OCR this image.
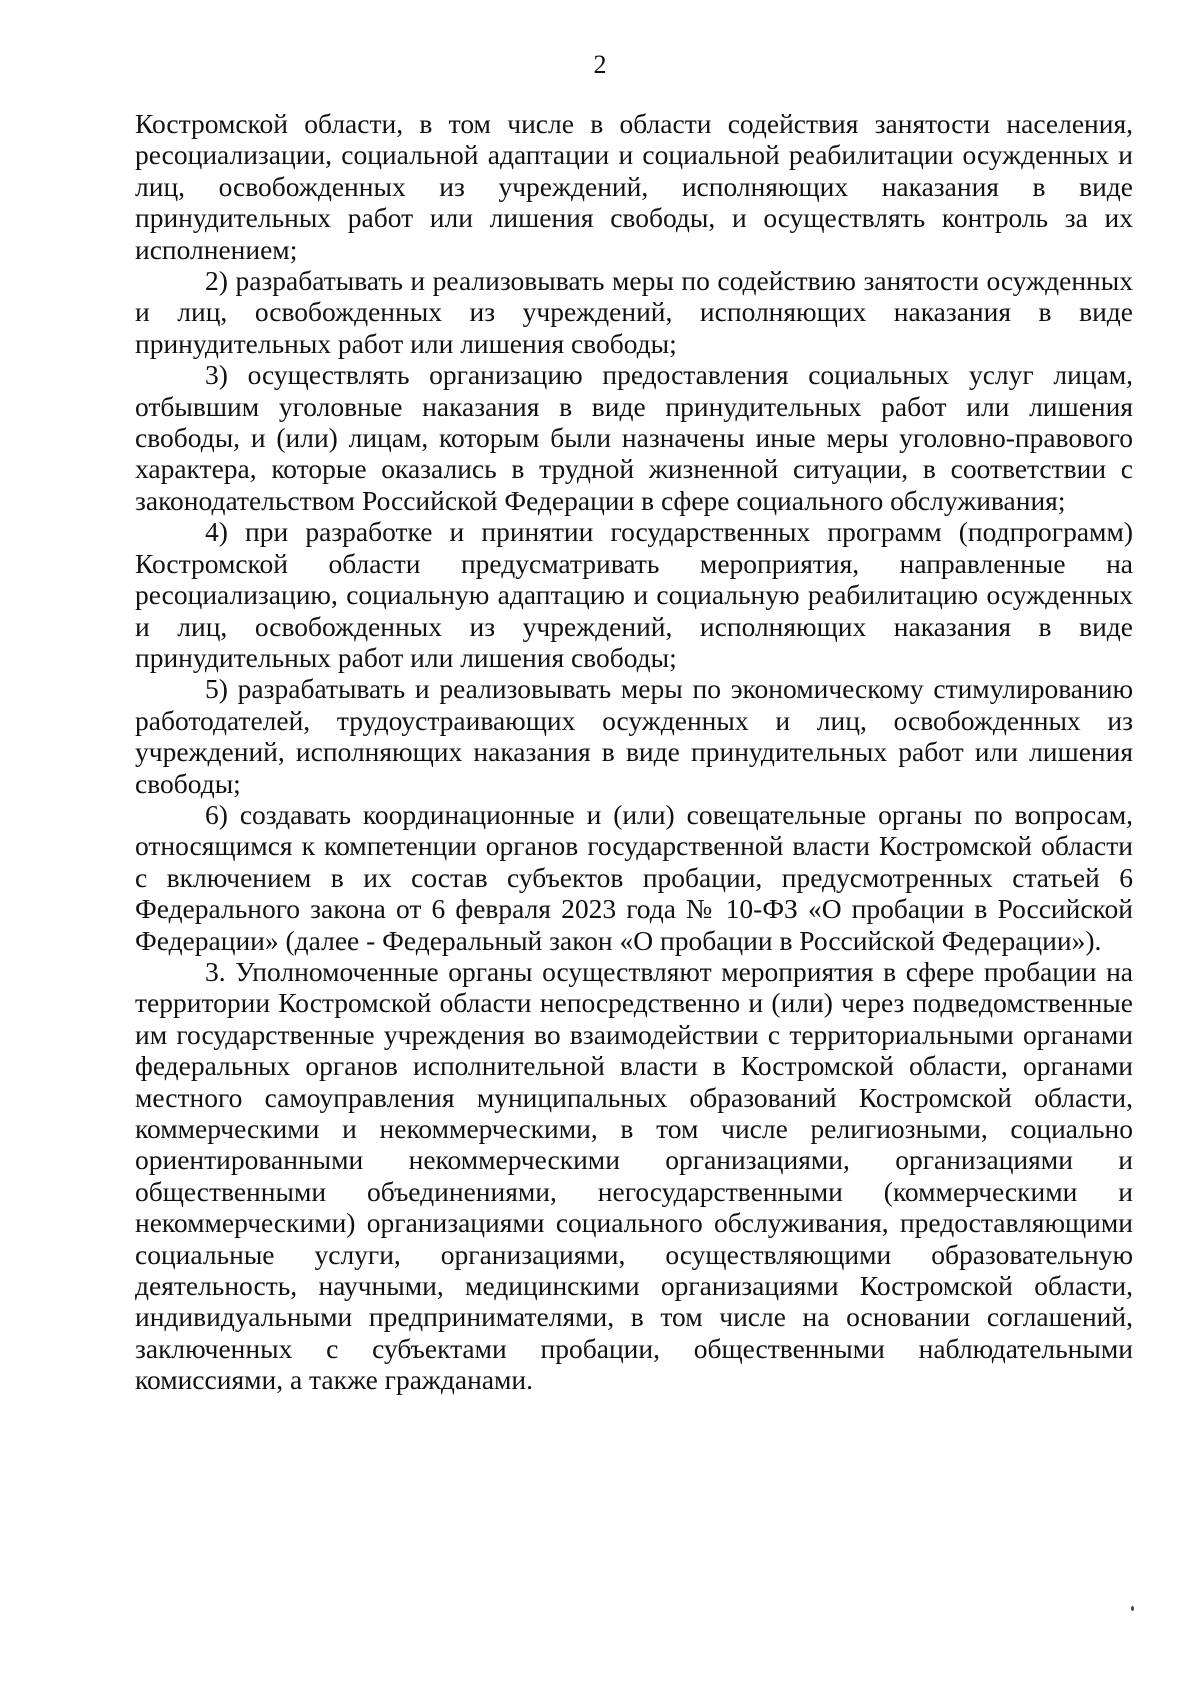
2

Костромской области, в том числе в области содействия занятости населения, ресоциализации, социальной адаптации и социальной реабилитации осужденных и лиц, освобожденных из учреждений, исполняющих наказания в виде принудительных работ или лишения свободы, и осуществлять контроль за их исполнением;

2) разрабатывать и реализовывать меры по содействию занятости осужденных и лиц, освобожденных из учреждений, исполняющих наказания в виде принудительных работ или лишения свободы;

3) осуществлять организацию предоставления социальных услуг лицам, отбывшим уголовные наказания в виде принудительных работ или лишения свободы, и (или) лицам, которым были назначены иные меры уголовно-правового характера, которые оказались в трудной жизненной ситуации, в соответствии с законодательством Российской Федерации в сфере социального обслуживания;

4) при разработке и принятии государственных программ (подпрограмм) Костромской области предусматривать мероприятия, направленные на ресоциализацию, социальную адаптацию и социальную реабилитацию осужденных и лиц, освобожденных из учреждений, исполняющих наказания в виде принудительных работ или лишения свободы;

5) разрабатывать и реализовывать меры по экономическому стимулированию работодателей, трудоустраивающих осужденных и лиц, освобожденных из учреждений, исполняющих наказания в виде принудительных работ или лишения свободы;

6) создавать координационные и (или) совещательные органы по вопросам, относящимся к компетенции органов государственной власти Костромской области с включением в их состав субъектов пробации, предусмотренных статьей 6 Федерального закона от 6 февраля 2023 года № 10-ФЗ «О пробации в Российской Федерации» (далее - Федеральный закон «О пробации в Российской Федерации»).

3. Уполномоченные органы осуществляют мероприятия в сфере пробации на территории Костромской области непосредственно и (или) через подведомственные им государственные учреждения во взаимодействии с территориальными органами федеральных органов исполнительной власти в Костромской области, органами местного самоуправления муниципальных образований Костромской области, коммерческими и некоммерческими, в том числе религиозными, социально ориентированными некоммерческими организациями, организациями и общественными объединениями, негосударственными (коммерческими и некоммерческими) организациями социального обслуживания, предоставляющими социальные услуги, организациями, осуществляющими образовательную деятельность, научными, медицинскими организациями Костромской области, индивидуальными предпринимателями, в том числе на основании соглашений, заключенных с субъектами пробации, общественными наблюдательными комиссиями, а также гражданами.
